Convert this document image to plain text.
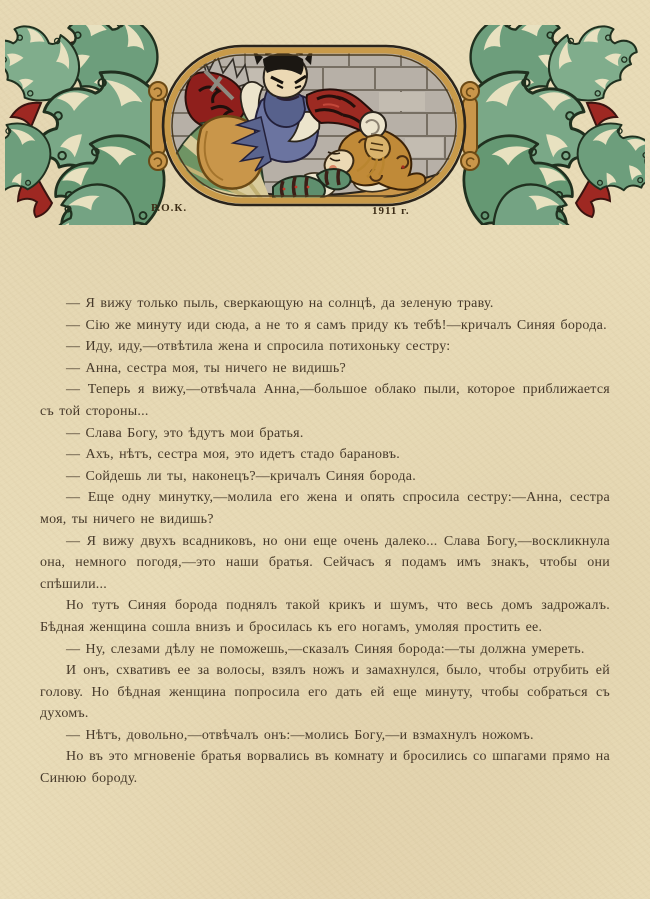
Р.О.К.	1911 г.

— Я вижу только пыль, сверкающую на солнцѣ, да зеленую траву.

— Сію же минуту иди сюда, а не то я самъ приду къ тебѣ!—кричалъ Синяя борода.

— Иду, иду,—отвѣтила жена и спросила потихоньку сестру:

— Анна, сестра моя, ты ничего не видишь?

— Теперь я вижу,—отвѣчала Анна,—большое облако пыли, которое приближается съ той стороны...

— Слава Богу, это ѣдутъ мои братья.

— Ахъ, нѣтъ, сестра моя, это идетъ стадо барановъ.

— Сойдешь ли ты, наконецъ?—кричалъ Синяя борода.

— Еще одну минутку,—молила его жена и опять спросила сестру:—Анна, сестра моя, ты ничего не видишь?

— Я вижу двухъ всадниковъ, но они еще очень далеко... Слава Богу,—воскликнула она, немного погодя,—это наши братья. Сейчасъ я подамъ имъ знакъ, чтобы они спѣшили...

Но тутъ Синяя борода поднялъ такой крикъ и шумъ, что весь домъ задрожалъ. Бѣдная женщина сошла внизъ и бросилась къ его ногамъ, умоляя простить ее.

— Ну, слезами дѣлу не поможешь,—сказалъ Синяя борода:—ты должна умереть.

И онъ, схвативъ ее за волосы, взялъ ножъ и замахнулся, было, чтобы отрубить ей голову. Но бѣдная женщина попросила его дать ей еще минуту, чтобы собраться съ духомъ.

— Нѣтъ, довольно,—отвѣчалъ онъ:—молись Богу,—и взмахнулъ ножомъ.

Но въ это мгновеніе братья ворвались въ комнату и бросились со шпагами прямо на Синюю бороду.
